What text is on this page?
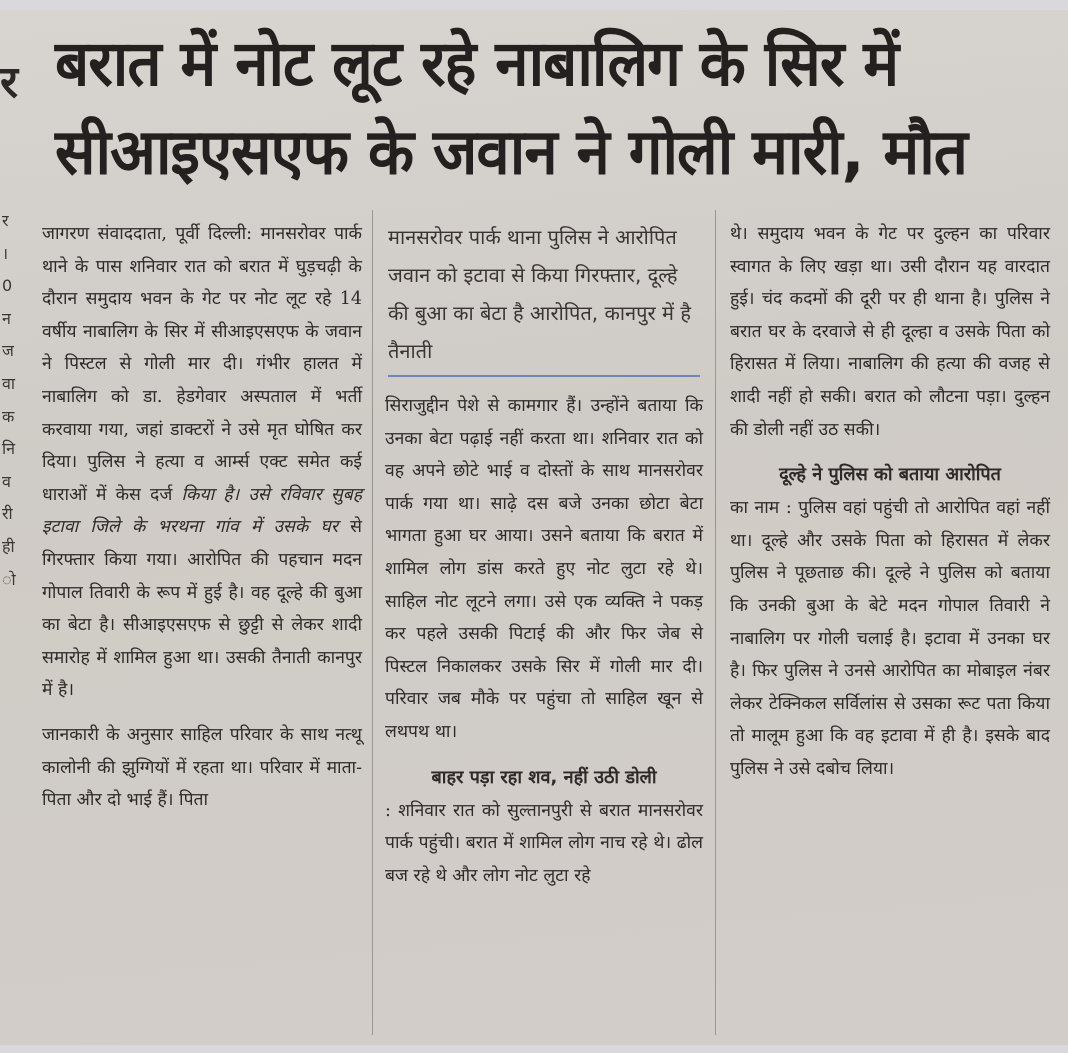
र
र
।
0
न
ज
वा
क
नि
व
री
ही
ो
बरात में नोट लूट रहे नाबालिग के सिर में
सीआइएसएफ के जवान ने गोली मारी, मौत

जागरण संवाददाता, पूर्वी दिल्ली: मानसरोवर पार्क थाने के पास शनिवार रात को बरात में घुड़चढ़ी के दौरान समुदाय भवन के गेट पर नोट लूट रहे 14 वर्षीय नाबालिग के सिर में सीआइएसएफ के जवान ने पिस्टल से गोली मार दी। गंभीर हालत में नाबालिग को डा. हेडगेवार अस्पताल में भर्ती करवाया गया, जहां डाक्टरों ने उसे मृत घोषित कर दिया। पुलिस ने हत्या व आर्म्स एक्ट समेत कई धाराओं में केस दर्ज किया है। उसे रविवार सुबह इटावा जिले के भरथना गांव में उसके घर से गिरफ्तार किया गया। आरोपित की पहचान मदन गोपाल तिवारी के रूप में हुई है। वह दूल्हे की बुआ का बेटा है। सीआइएसएफ से छुट्टी से लेकर शादी समारोह में शामिल हुआ था। उसकी तैनाती कानपुर में है।

जानकारी के अनुसार साहिल परिवार के साथ नत्थू कालोनी की झुग्गियों में रहता था। परिवार में माता-पिता और दो भाई हैं। पिता

मानसरोवर पार्क थाना पुलिस ने आरोपित जवान को इटावा से किया गिरफ्तार, दूल्हे की बुआ का बेटा है आरोपित, कानपुर में है तैनाती

सिराजुद्दीन पेशे से कामगार हैं। उन्होंने बताया कि उनका बेटा पढ़ाई नहीं करता था। शनिवार रात को वह अपने छोटे भाई व दोस्तों के साथ मानसरोवर पार्क गया था। साढ़े दस बजे उनका छोटा बेटा भागता हुआ घर आया। उसने बताया कि बरात में शामिल लोग डांस करते हुए नोट लुटा रहे थे। साहिल नोट लूटने लगा। उसे एक व्यक्ति ने पकड़ कर पहले उसकी पिटाई की और फिर जेब से पिस्टल निकालकर उसके सिर में गोली मार दी। परिवार जब मौके पर पहुंचा तो साहिल खून से लथपथ था।

बाहर पड़ा रहा शव, नहीं उठी डोली

: शनिवार रात को सुल्तानपुरी से बरात मानसरोवर पार्क पहुंची। बरात में शामिल लोग नाच रहे थे। ढोल बज रहे थे और लोग नोट लुटा रहे

थे। समुदाय भवन के गेट पर दुल्हन का परिवार स्वागत के लिए खड़ा था। उसी दौरान यह वारदात हुई। चंद कदमों की दूरी पर ही थाना है। पुलिस ने बरात घर के दरवाजे से ही दूल्हा व उसके पिता को हिरासत में लिया। नाबालिग की हत्या की वजह से शादी नहीं हो सकी। बरात को लौटना पड़ा। दुल्हन की डोली नहीं उठ सकी।

दूल्हे ने पुलिस को बताया आरोपित

का नाम : पुलिस वहां पहुंची तो आरोपित वहां नहीं था। दूल्हे और उसके पिता को हिरासत में लेकर पुलिस ने पूछताछ की। दूल्हे ने पुलिस को बताया कि उनकी बुआ के बेटे मदन गोपाल तिवारी ने नाबालिग पर गोली चलाई है। इटावा में उनका घर है। फिर पुलिस ने उनसे आरोपित का मोबाइल नंबर लेकर टेक्निकल सर्विलांस से उसका रूट पता किया तो मालूम हुआ कि वह इटावा में ही है। इसके बाद पुलिस ने उसे दबोच लिया।
